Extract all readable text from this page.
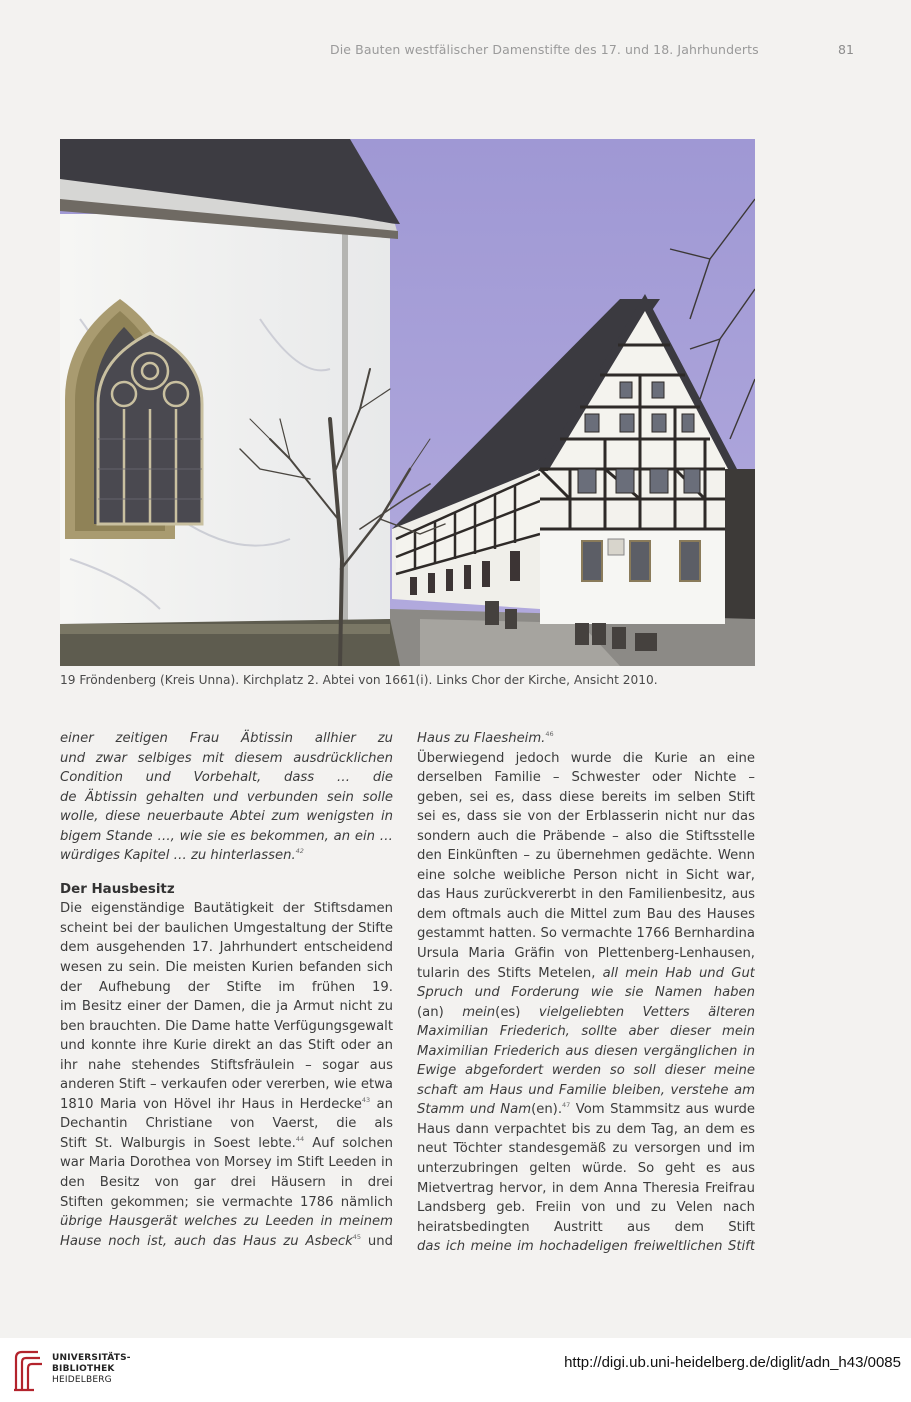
Die Bauten westfälischer Damenstifte des 17. und 18. Jahrhunderts	81
19 Fröndenberg (Kreis Unna). Kirchplatz 2. Abtei von 1661(i). Links Chor der Kirche, Ansicht 2010.
einer zeitigen Frau Äbtissin allhier zu
und zwar selbiges mit diesem ausdrücklichen
Condition und Vorbehalt, dass … die
de Äbtissin gehalten und verbunden sein solle
wolle, diese neuerbaute Abtei zum wenigsten in
bigem Stande …, wie sie es bekommen, an ein …
würdiges Kapitel … zu hinterlassen.$^{42}$
Der Hausbesitz
Die eigenständige Bautätigkeit der Stiftsdamen
scheint bei der baulichen Umgestaltung der Stifte
dem ausgehenden 17. Jahrhundert entscheidend
wesen zu sein. Die meisten Kurien befanden sich
der Aufhebung der Stifte im frühen 19.
im Besitz einer der Damen, die ja Armut nicht zu
ben brauchten. Die Dame hatte Verfügungsgewalt
und konnte ihre Kurie direkt an das Stift oder an
ihr nahe stehendes Stiftsfräulein – sogar aus
anderen Stift – verkaufen oder vererben, wie etwa
1810 Maria von Hövel ihr Haus in Herdecke$^{43}$ an
Dechantin Christiane von Vaerst, die als
Stift St. Walburgis in Soest lebte.$^{44}$ Auf solchen
war Maria Dorothea von Morsey im Stift Leeden in
den Besitz von gar drei Häusern in drei
Stiften gekommen; sie vermachte 1786 nämlich
übrige Hausgerät welches zu Leeden in meinem
Hause noch ist, auch das Haus zu Asbeck$^{45}$ und
Haus zu Flaesheim.$^{46}$
Überwiegend jedoch wurde die Kurie an eine
derselben Familie – Schwester oder Nichte –
geben, sei es, dass diese bereits im selben Stift
sei es, dass sie von der Erblasserin nicht nur das
sondern auch die Präbende – also die Stiftsstelle
den Einkünften – zu übernehmen gedächte. Wenn
eine solche weibliche Person nicht in Sicht war,
das Haus zurückvererbt in den Familienbesitz, aus
dem oftmals auch die Mittel zum Bau des Hauses
gestammt hatten. So vermachte 1766 Bernhardina
Ursula Maria Gräfin von Plettenberg-Lenhausen,
tularin des Stifts Metelen, all mein Hab und Gut
Spruch und Forderung wie sie Namen haben
(an) mein(es) vielgeliebten Vetters älteren
Maximilian Friederich, sollte aber dieser mein
Maximilian Friederich aus diesen vergänglichen in
Ewige abgefordert werden so soll dieser meine
schaft am Haus und Familie bleiben, verstehe am
Stamm und Nam(en).$^{47}$ Vom Stammsitz aus wurde
Haus dann verpachtet bis zu dem Tag, an dem es
neut Töchter standesgemäß zu versorgen und im
unterzubringen gelten würde. So geht es aus
Mietvertrag hervor, in dem Anna Theresia Freifrau
Landsberg geb. Freiin von und zu Velen nach
heiratsbedingten Austritt aus dem Stift
das ich meine im hochadeligen freiweltlichen Stift
UNIVERSITÄTS-
BIBLIOTHEK
HEIDELBERG
http://digi.ub.uni-heidelberg.de/diglit/adn_h43/0085
